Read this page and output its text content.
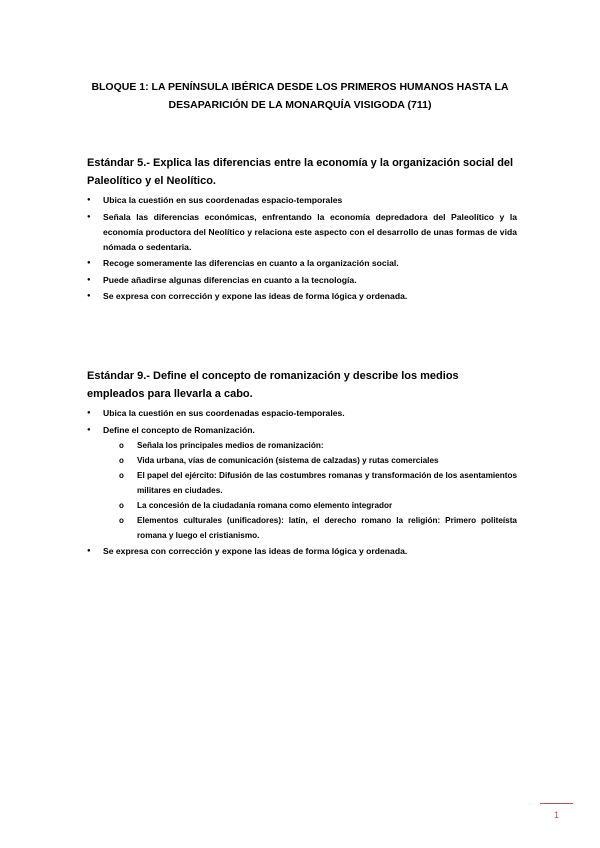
BLOQUE 1: LA PENÍNSULA IBÉRICA DESDE LOS PRIMEROS HUMANOS HASTA LA
DESAPARICIÓN DE LA MONARQUÍA VISIGODA (711)

Estándar 5.- Explica las diferencias entre la economía y la organización social del Paleolítico y el Neolítico.

● Ubica la cuestión en sus coordenadas espacio-temporales
● Señala las diferencias económicas, enfrentando la economía depredadora del Paleolítico y la economía productora del Neolítico y relaciona este aspecto con el desarrollo de unas formas de vida nómada o sedentaria.
● Recoge someramente las diferencias en cuanto a la organización social.
● Puede añadirse algunas diferencias en cuanto a la tecnología.
● Se expresa con corrección y expone las ideas de forma lógica y ordenada.

Estándar 9.- Define el concepto de romanización y describe los medios empleados para llevarla a cabo.

● Ubica la cuestión en sus coordenadas espacio-temporales.
● Define el concepto de Romanización.
o Señala los principales medios de romanización:
o Vida urbana, vías de comunicación (sistema de calzadas) y rutas comerciales
o El papel del ejército: Difusión de las costumbres romanas y transformación de los asentamientos militares en ciudades.
o La concesión de la ciudadanía romana como elemento integrador
o Elementos culturales (unificadores): latín, el derecho romano la religión: Primero politeísta romana y luego el cristianismo.
● Se expresa con corrección y expone las ideas de forma lógica y ordenada.
1
